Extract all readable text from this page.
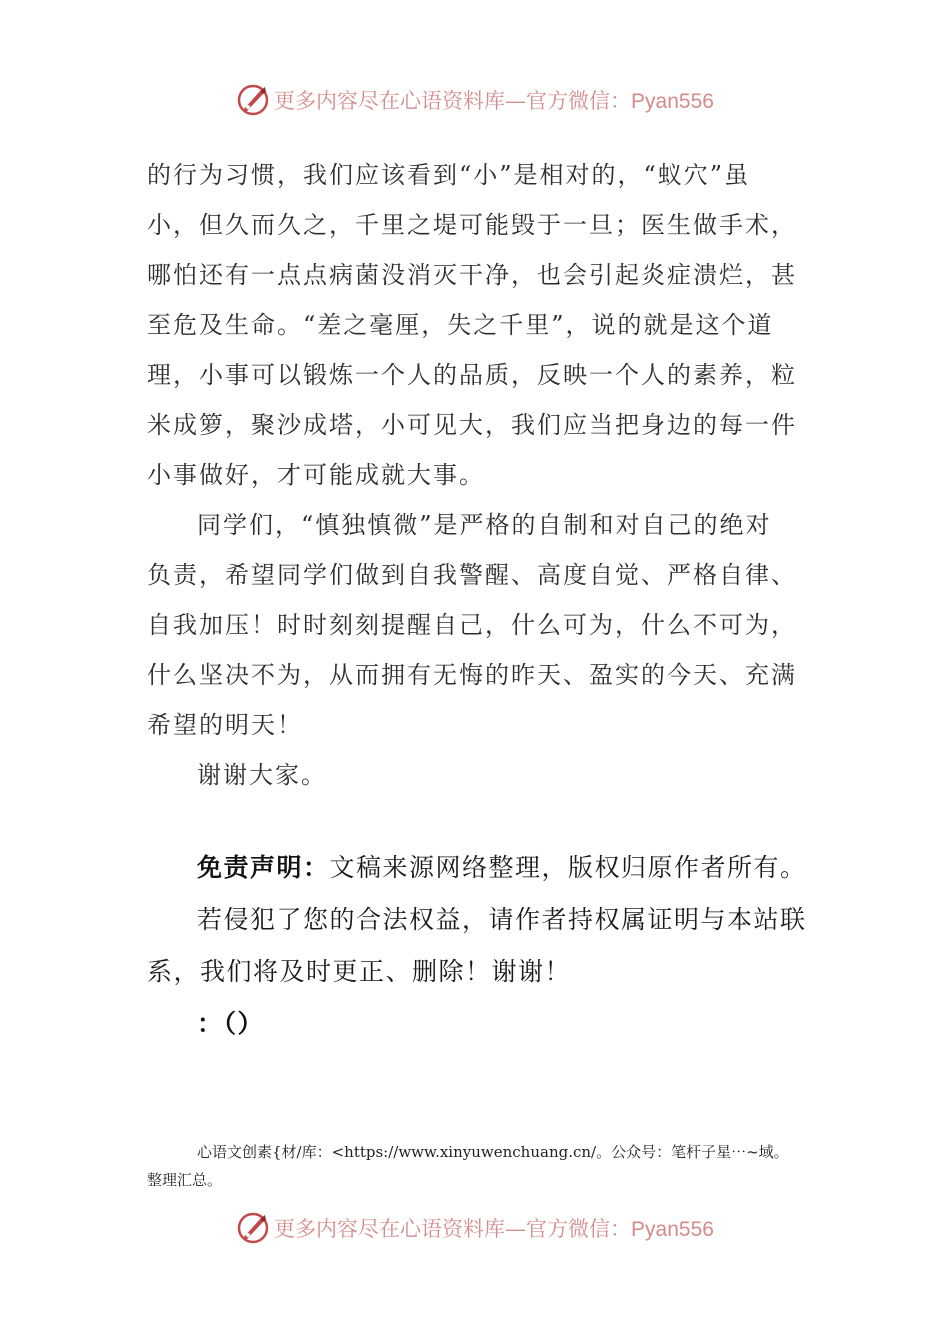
更多内容尽在心语资料库—官方微信：Pyan556
的行为习惯，我们应该看到“小”是相对的，“蚁穴”虽
小，但久而久之，千里之堤可能毁于一旦；医生做手术，
哪怕还有一点点病菌没消灭干净，也会引起炎症溃烂，甚
至危及生命。“差之毫厘，失之千里”，说的就是这个道
理，小事可以锻炼一个人的品质，反映一个人的素养，粒
米成箩，聚沙成塔，小可见大，我们应当把身边的每一件
小事做好，才可能成就大事。
同学们，“慎独慎微”是严格的自制和对自己的绝对
负责，希望同学们做到自我警醒、高度自觉、严格自律、
自我加压！时时刻刻提醒自己，什么可为，什么不可为，
什么坚决不为，从而拥有无悔的昨天、盈实的今天、充满
希望的明天！
谢谢大家。
免责声明：文稿来源网络整理，版权归原作者所有。
若侵犯了您的合法权益，请作者持权属证明与本站联
系，我们将及时更正、删除！谢谢！
：（）
心语文创素{材/库：<https://www.xinyuwenchuang.cn/。公众号：笔杆子星⋯~域。
整理汇总。
更多内容尽在心语资料库—官方微信：Pyan556
